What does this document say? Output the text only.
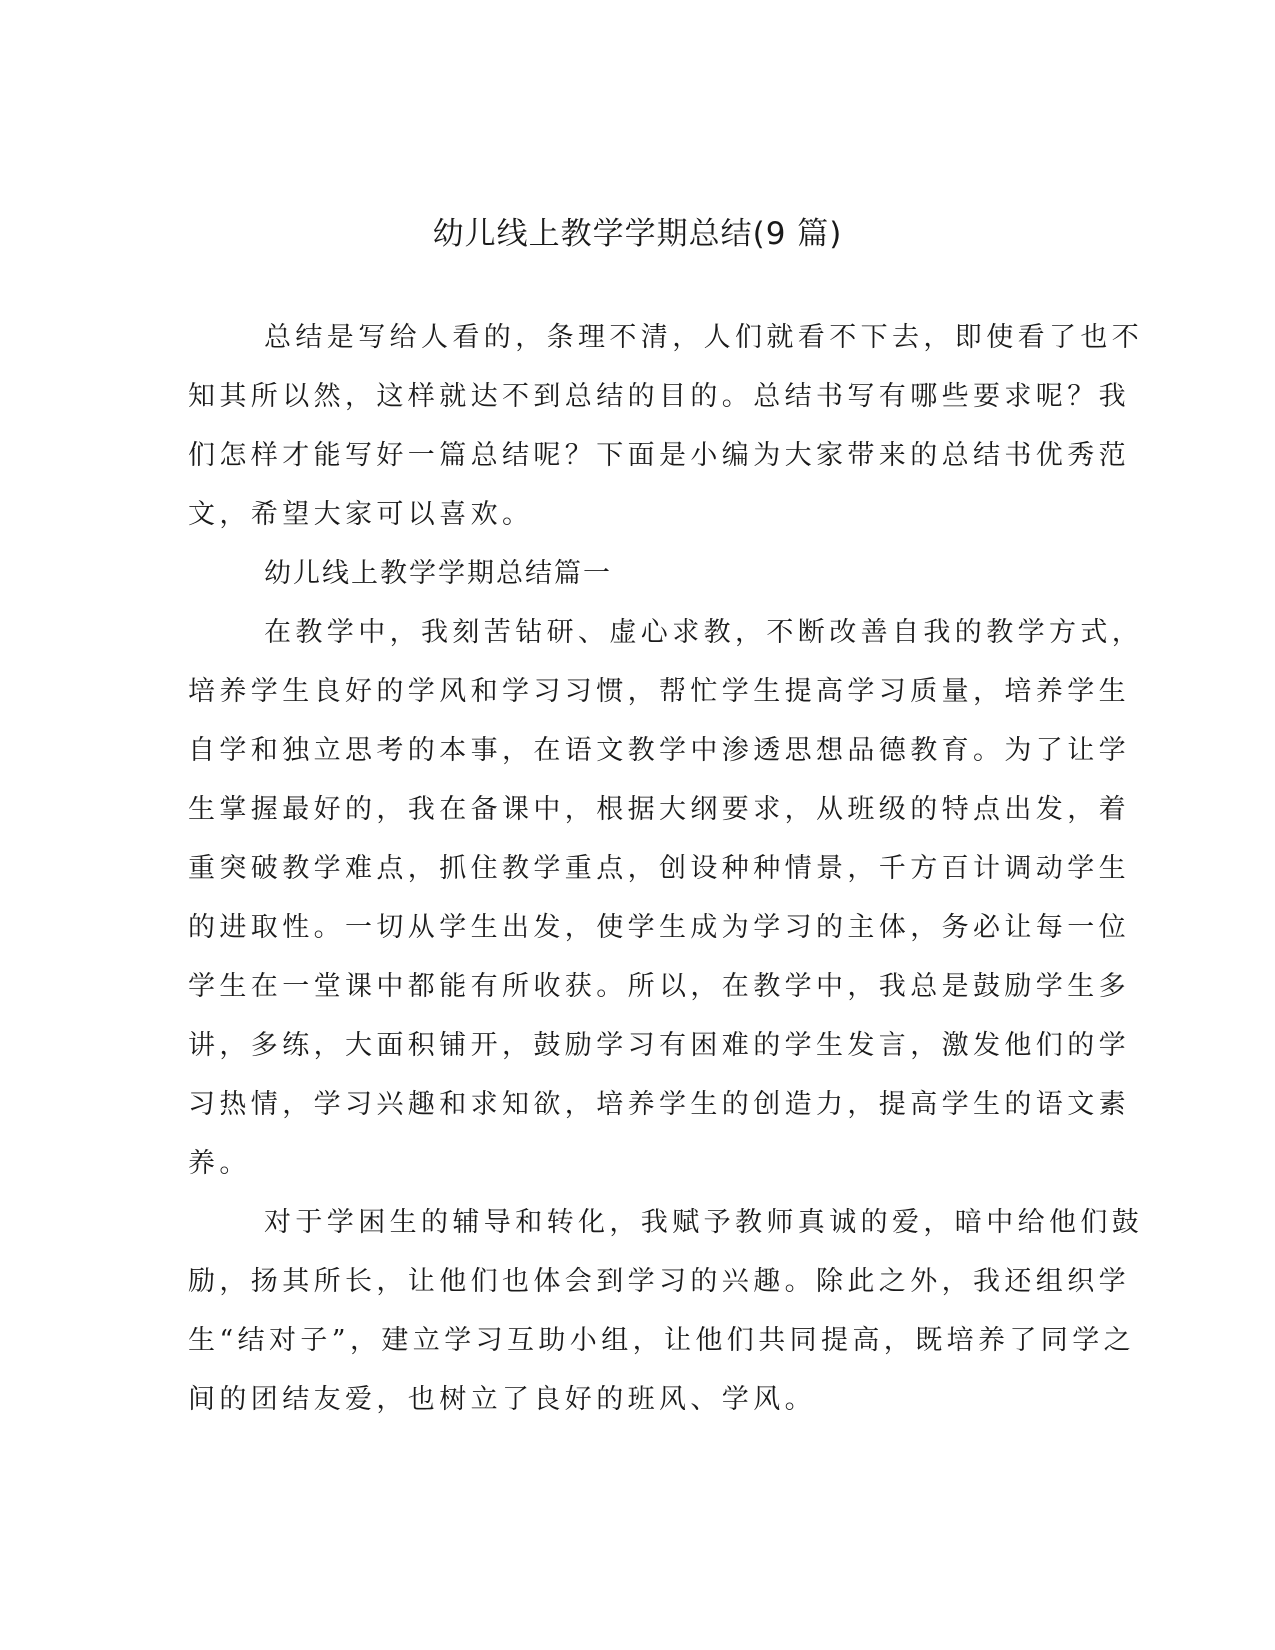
幼儿线上教学学期总结(9 篇)

总结是写给人看的，条理不清，人们就看不下去，即使看了也不

知其所以然，这样就达不到总结的目的。总结书写有哪些要求呢？我

们怎样才能写好一篇总结呢？下面是小编为大家带来的总结书优秀范

文，希望大家可以喜欢。

幼儿线上教学学期总结篇一

在教学中，我刻苦钻研、虚心求教，不断改善自我的教学方式，

培养学生良好的学风和学习习惯，帮忙学生提高学习质量，培养学生

自学和独立思考的本事，在语文教学中渗透思想品德教育。为了让学

生掌握最好的，我在备课中，根据大纲要求，从班级的特点出发，着

重突破教学难点，抓住教学重点，创设种种情景，千方百计调动学生

的进取性。一切从学生出发，使学生成为学习的主体，务必让每一位

学生在一堂课中都能有所收获。所以，在教学中，我总是鼓励学生多

讲，多练，大面积铺开，鼓励学习有困难的学生发言，激发他们的学

习热情，学习兴趣和求知欲，培养学生的创造力，提高学生的语文素

养。

对于学困生的辅导和转化，我赋予教师真诚的爱，暗中给他们鼓

励，扬其所长，让他们也体会到学习的兴趣。除此之外，我还组织学

生“结对子”，建立学习互助小组，让他们共同提高，既培养了同学之

间的团结友爱，也树立了良好的班风、学风。
